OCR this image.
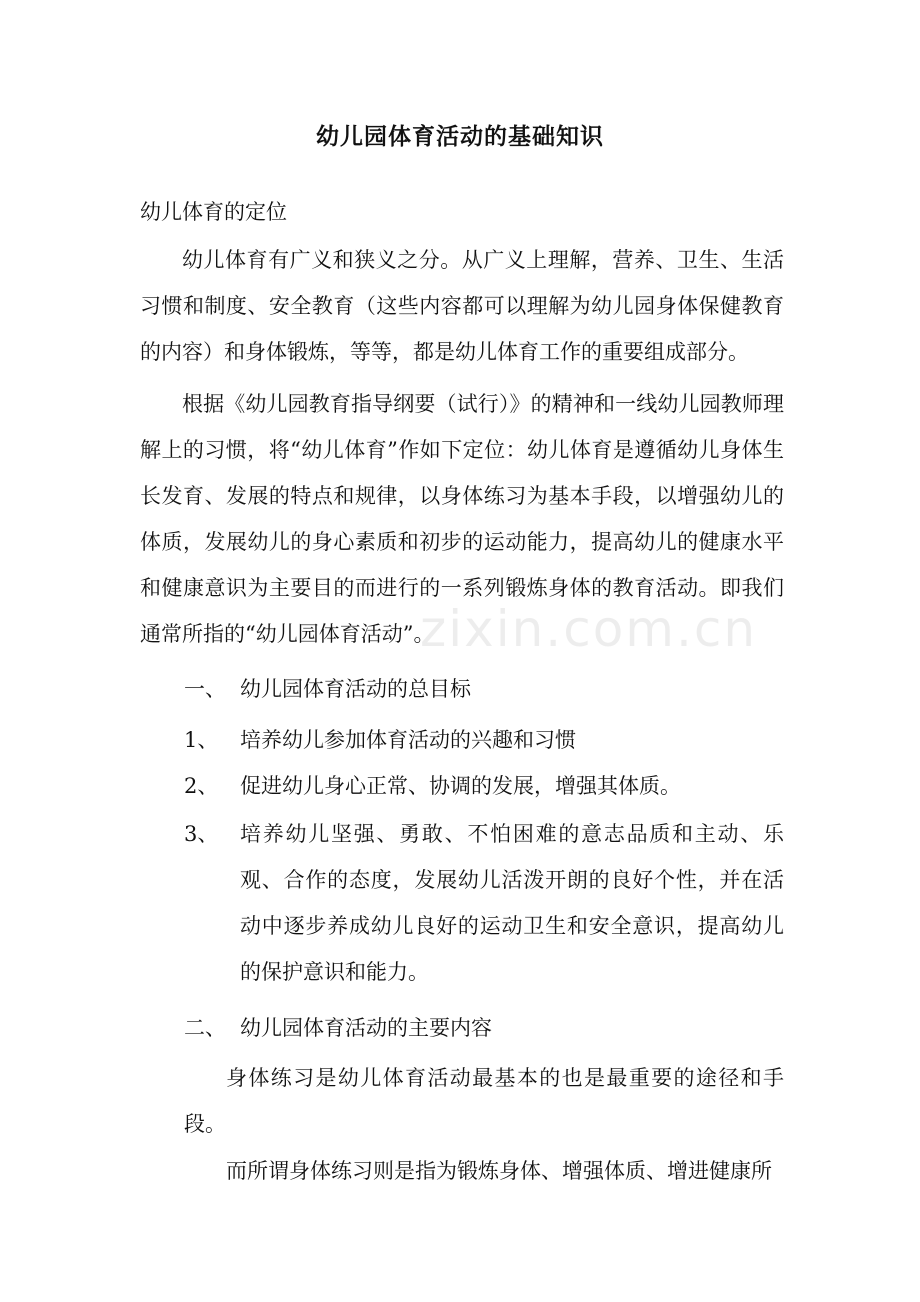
zixin.com.cn
幼儿园体育活动的基础知识
幼儿体育的定位

幼儿体育有广义和狭义之分。从广义上理解，营养、卫生、生活习惯和制度、安全教育（这些内容都可以理解为幼儿园身体保健教育的内容）和身体锻炼，等等，都是幼儿体育工作的重要组成部分。

根据《幼儿园教育指导纲要（试行）》的精神和一线幼儿园教师理解上的习惯，将“幼儿体育”作如下定位：幼儿体育是遵循幼儿身体生长发育、发展的特点和规律，以身体练习为基本手段，以增强幼儿的体质，发展幼儿的身心素质和初步的运动能力，提高幼儿的健康水平和健康意识为主要目的而进行的一系列锻炼身体的教育活动。即我们通常所指的“幼儿园体育活动”。

一、 幼儿园体育活动的总目标
1、 培养幼儿参加体育活动的兴趣和习惯

2、 促进幼儿身心正常、协调的发展，增强其体质。

3、 培养幼儿坚强、勇敢、不怕困难的意志品质和主动、乐观、合作的态度，发展幼儿活泼开朗的良好个性，并在活动中逐步养成幼儿良好的运动卫生和安全意识，提高幼儿的保护意识和能力。

二、 幼儿园体育活动的主要内容

身体练习是幼儿体育活动最基本的也是最重要的途径和手段。

而所谓身体练习则是指为锻炼身体、增强体质、增进健康所
